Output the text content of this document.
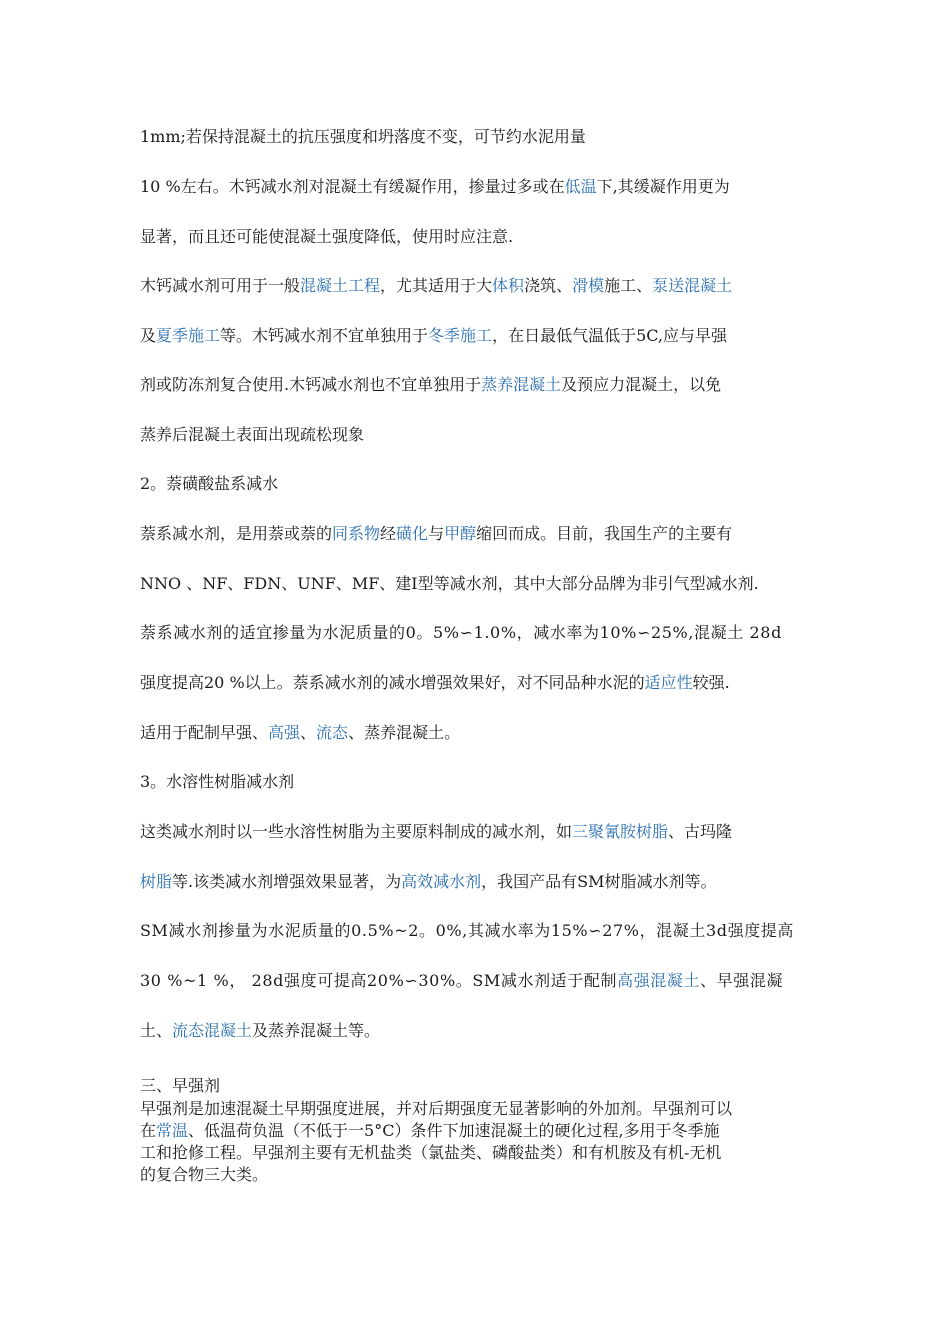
1mm;若保持混凝土的抗压强度和坍落度不变，可节约水泥用量
10 %左右。木钙减水剂对混凝土有缓凝作用，掺量过多或在低温下,其缓凝作用更为
显著，而且还可能使混凝土强度降低，使用时应注意.
木钙减水剂可用于一般混凝土工程，尤其适用于大体积浇筑、滑模施工、泵送混凝土
及夏季施工等。木钙减水剂不宜单独用于冬季施工，在日最低气温低于5C,应与早强
剂或防冻剂复合使用.木钙减水剂也不宜单独用于蒸养混凝土及预应力混凝土，以免
蒸养后混凝土表面出现疏松现象
2。萘磺酸盐系减水
萘系减水剂，是用萘或萘的同系物经磺化与甲醇缩回而成。目前，我国生产的主要有
NNO 、NF、FDN、UNF、MF、建Ⅰ型等减水剂，其中大部分品牌为非引气型减水剂.
萘系减水剂的适宜掺量为水泥质量的0。5%∽1.0%，减水率为10%∽25%,混凝土 28d
强度提高20 %以上。萘系减水剂的减水增强效果好，对不同品种水泥的适应性较强.
适用于配制早强、高强、流态、蒸养混凝土。
3。水溶性树脂减水剂
这类减水剂时以一些水溶性树脂为主要原料制成的减水剂，如三聚氰胺树脂、古玛隆
树脂等.该类减水剂增强效果显著，为高效减水剂，我国产品有SM树脂减水剂等。
SM减水剂掺量为水泥质量的0.5%~2。0%,其减水率为15%∽27%，混凝土3d强度提高
30 %~1 %， 28d强度可提高20%∽30%。SM减水剂适于配制高强混凝土、早强混凝
土、流态混凝土及蒸养混凝土等。
三、早强剂
早强剂是加速混凝土早期强度进展，并对后期强度无显著影响的外加剂。早强剂可以
在常温、低温荷负温（不低于一5°C）条件下加速混凝土的硬化过程,多用于冬季施
工和抢修工程。早强剂主要有无机盐类（氯盐类、磷酸盐类）和有机胺及有机-无机
的复合物三大类。
